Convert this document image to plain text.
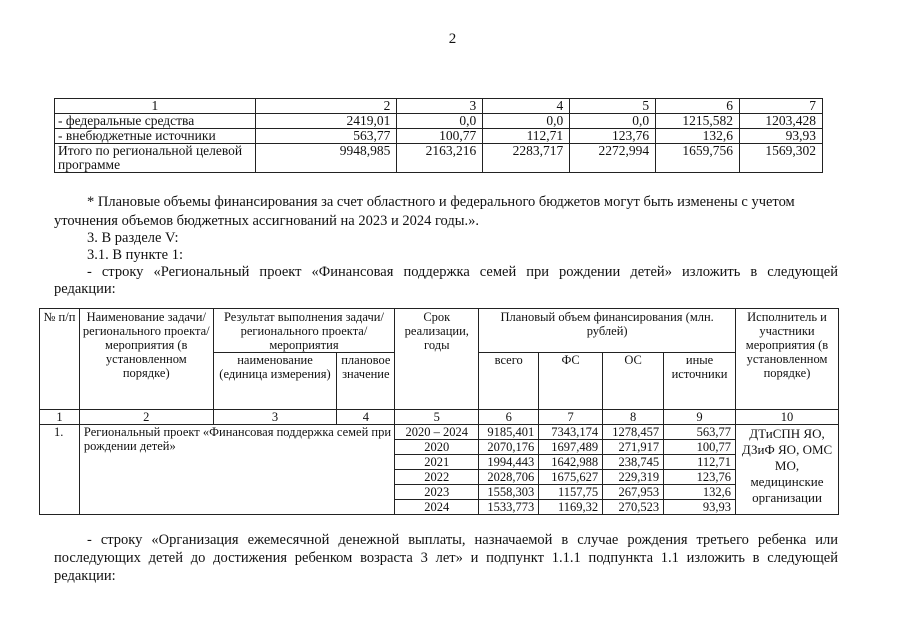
2
1	2	3	4	5	6	7
- федеральные средства	2419,01	0,0	0,0	0,0	1215,582	1203,428
- внебюджетные источники	563,77	100,77	112,71	123,76	132,6	93,93
Итого по региональной целевой программе	9948,985	2163,216	2283,717	2272,994	1659,756	1569,302
* Плановые объемы финансирования за счет областного и федерального бюджетов могут быть изменены с учетом
уточнения объемов бюджетных ассигнований на 2023 и 2024 годы.».
3. В разделе V:
3.1. В пункте 1:
- строку «Региональный проект «Финансовая поддержка семей при рождении детей» изложить в следующей
редакции:
№ п/п	Наименование задачи/ регионального проекта/ мероприятия (в установленном порядке)	Результат выполнения задачи/ регионального проекта/ мероприятия		Срок реализации, годы	Плановый объем финансирования (млн. рублей)				Исполнитель и участники мероприятия (в установленном порядке)
		наименование (единица измерения)	плановое значение		всего	ФС	ОС	иные источники	
1	2	3	4	5	6	7	8	9	10
1.	Региональный проект «Финансовая поддержка семей при рождении детей»			2020 – 2024	9185,401	7343,174	1278,457	563,77	ДТиСПН ЯО, ДЗиФ ЯО, ОМС МО, медицинские организации
				2020	2070,176	1697,489	271,917	100,77	
				2021	1994,443	1642,988	238,745	112,71	
				2022	2028,706	1675,627	229,319	123,76	
				2023	1558,303	1157,75	267,953	132,6	
				2024	1533,773	1169,32	270,523	93,93	
- строку «Организация ежемесячной денежной выплаты, назначаемой в случае рождения третьего ребенка или
последующих детей до достижения ребенком возраста 3 лет» и подпункт 1.1.1 подпункта 1.1 изложить в следующей
редакции:
